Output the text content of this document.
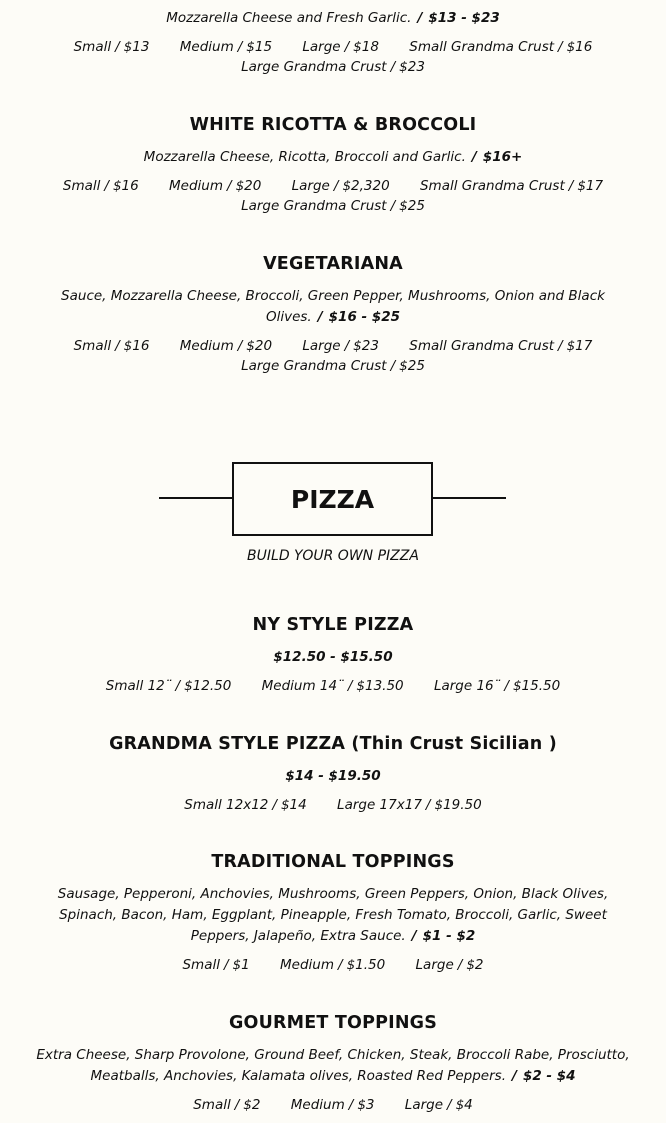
Mozzarella Cheese and Fresh Garlic. / $13 - $23

Small / $13 Medium / $15 Large / $18 Small Grandma Crust / $16

Large Grandma Crust / $23

WHITE RICOTTA & BROCCOLI

Mozzarella Cheese, Ricotta, Broccoli and Garlic. / $16+

Small / $16 Medium / $20 Large / $2,320 Small Grandma Crust / $17

Large Grandma Crust / $25

VEGETARIANA

Sauce, Mozzarella Cheese, Broccoli, Green Pepper, Mushrooms, Onion and Black Olives. / $16 - $25

Small / $16 Medium / $20 Large / $23 Small Grandma Crust / $17

Large Grandma Crust / $25

PIZZA
BUILD YOUR OWN PIZZA
NY STYLE PIZZA

$12.50 - $15.50

Small 12¨ / $12.50 Medium 14¨ / $13.50 Large 16¨ / $15.50

GRANDMA STYLE PIZZA (Thin Crust Sicilian )

$14 - $19.50

Small 12x12 / $14 Large 17x17 / $19.50

TRADITIONAL TOPPINGS

Sausage, Pepperoni, Anchovies, Mushrooms, Green Peppers, Onion, Black Olives, Spinach, Bacon, Ham, Eggplant, Pineapple, Fresh Tomato, Broccoli, Garlic, Sweet Peppers, Jalapeño, Extra Sauce. / $1 - $2

Small / $1 Medium / $1.50 Large / $2

GOURMET TOPPINGS

Extra Cheese, Sharp Provolone, Ground Beef, Chicken, Steak, Broccoli Rabe, Prosciutto, Meatballs, Anchovies, Kalamata olives, Roasted Red Peppers. / $2 - $4

Small / $2 Medium / $3 Large / $4
